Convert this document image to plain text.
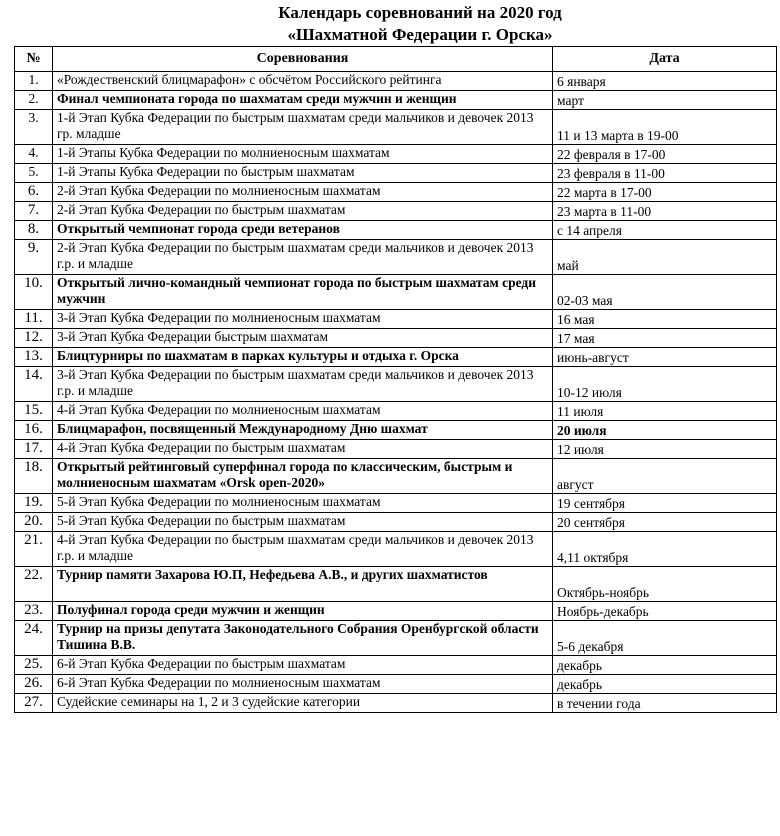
Календарь соревнований на 2020 год
«Шахматной Федерации г. Орска»
№	Соревнования	Дата
1.	«Рождественский блицмарафон» с обсчётом Российского рейтинга	6 января
2.	Финал чемпионата города по шахматам среди мужчин и женщин	март
3.	1-й Этап Кубка Федерации по быстрым шахматам среди мальчиков и девочек 2013 гр. младше	11 и 13 марта в 19-00
4.	1-й Этапы Кубка Федерации по молниеносным шахматам	22 февраля в 17-00
5.	1-й Этапы Кубка Федерации по быстрым шахматам	23 февраля в 11-00
6.	2-й Этап Кубка Федерации по молниеносным шахматам	22 марта в 17-00
7.	2-й Этап Кубка Федерации по быстрым шахматам	23 марта в 11-00
8.	Открытый чемпионат города среди ветеранов	с 14 апреля
9.	2-й Этап Кубка Федерации по быстрым шахматам среди мальчиков и девочек 2013 г.р. и младше	май
10.	Открытый лично-командный чемпионат города по быстрым шахматам среди мужчин	02-03 мая
11.	3-й Этап Кубка Федерации по молниеносным шахматам	16 мая
12.	3-й Этап Кубка Федерации быстрым шахматам	17 мая
13.	Блицтурниры по шахматам в парках культуры и отдыха г. Орска	июнь-август
14.	3-й Этап Кубка Федерации по быстрым шахматам среди мальчиков и девочек 2013 г.р. и младше	10-12 июля
15.	4-й Этап Кубка Федерации по молниеносным шахматам	11 июля
16.	Блицмарафон, посвященный Международному Дню шахмат	20 июля
17.	4-й Этап Кубка Федерации по быстрым шахматам	12 июля
18.	Открытый рейтинговый суперфинал города по классическим, быстрым и молниеносным шахматам «Orsk open-2020»	август
19.	5-й Этап Кубка Федерации по молниеносным шахматам	19 сентября
20.	5-й Этап Кубка Федерации по быстрым шахматам	20 сентября
21.	4-й Этап Кубка Федерации по быстрым шахматам среди мальчиков и девочек 2013 г.р. и младше	4,11 октября
22.	Турнир памяти Захарова Ю.П, Нефедьева А.В., и других шахматистов	Октябрь-ноябрь
23.	Полуфинал города среди мужчин и женщин	Ноябрь-декабрь
24.	Турнир на призы депутата Законодательного Собрания Оренбургской области Тишина В.В.	5-6 декабря
25.	6-й Этап Кубка Федерации по быстрым шахматам	декабрь
26.	6-й Этап Кубка Федерации по молниеносным шахматам	декабрь
27.	Судейские семинары на 1, 2 и 3 судейские категории	в течении года
